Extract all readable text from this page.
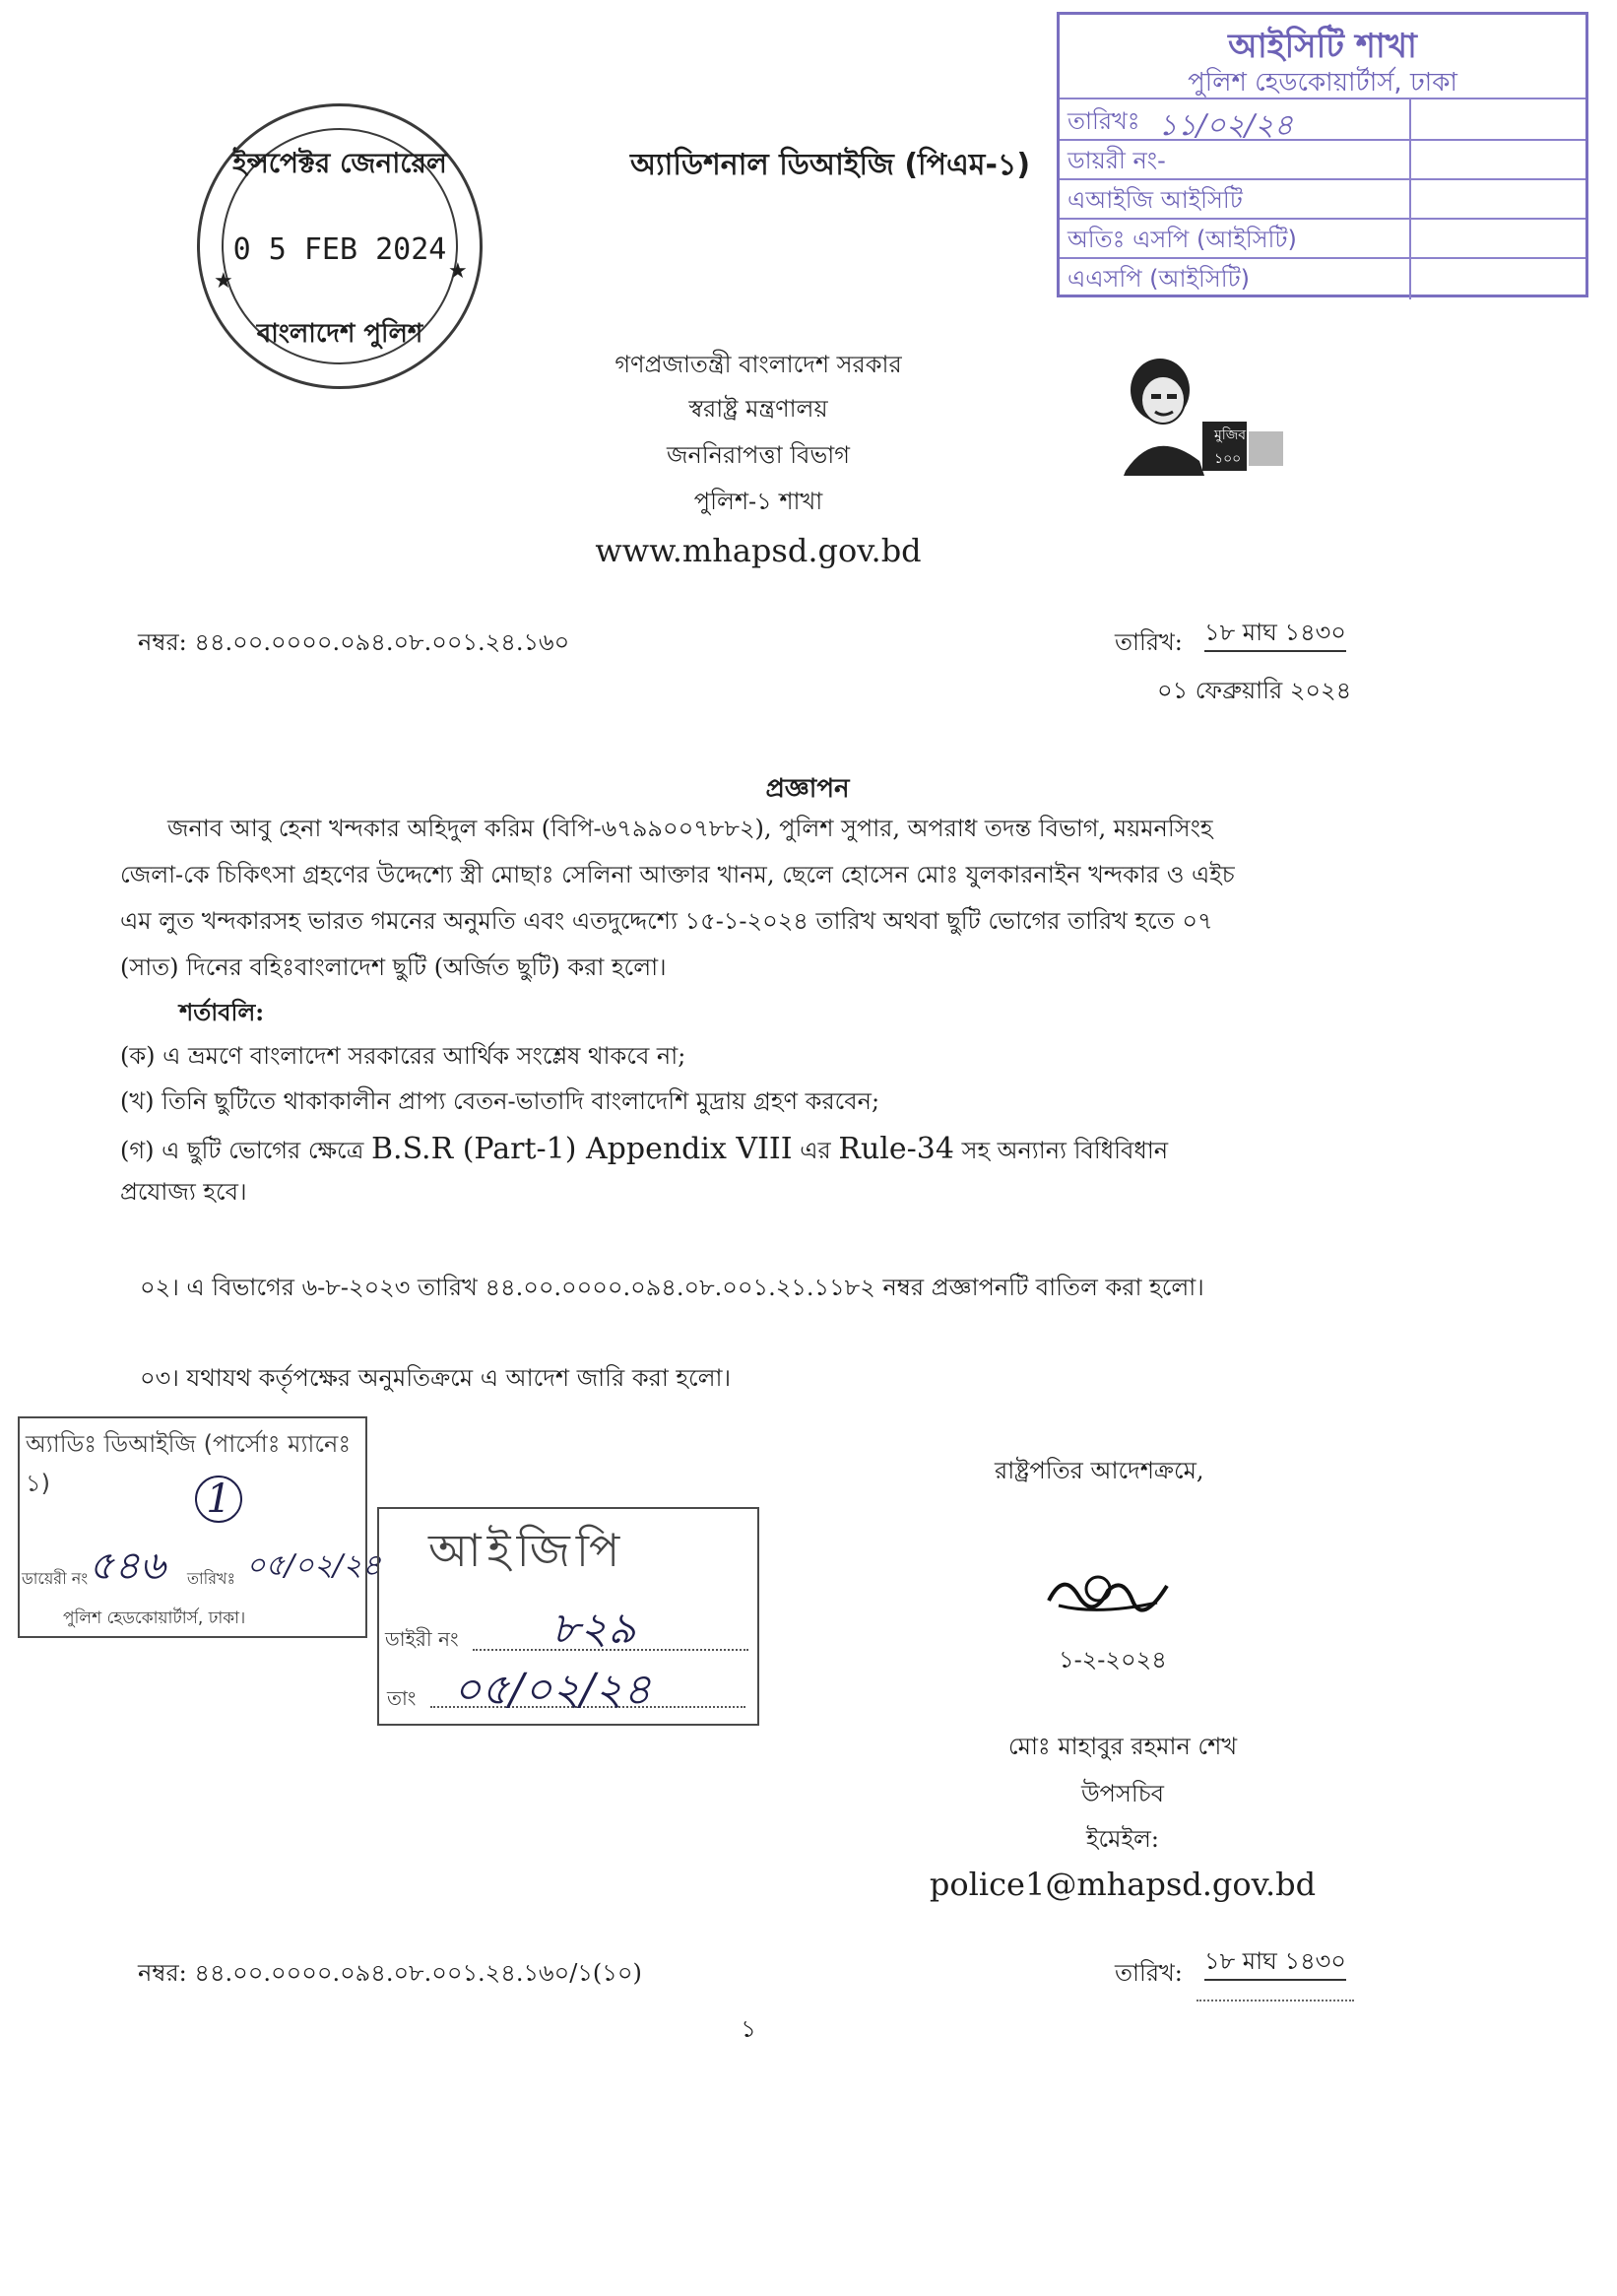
ইন্সপেক্টর জেনারেল
0 5 FEB 2024
বাংলাদেশ পুলিশ
★	★
অ্যাডিশনাল ডিআইজি (পিএম-১)
আইসিটি শাখা
পুলিশ হেডকোয়ার্টার্স, ঢাকা
তারিখঃ ১১/০২/২৪
ডায়রী নং-
এআইজি আইসিটি
অতিঃ এসপি (আইসিটি)
এএসপি (আইসিটি)
গণপ্রজাতন্ত্রী বাংলাদেশ সরকার
স্বরাষ্ট্র মন্ত্রণালয়
জননিরাপত্তা বিভাগ
পুলিশ-১ শাখা
www.mhapsd.gov.bd
মুজিব ১০০
নম্বর: ৪৪.০০.০০০০.০৯৪.০৮.০০১.২৪.১৬০	তারিখ: ১৮ মাঘ ১৪৩০
০১ ফেব্রুয়ারি ২০২৪
প্রজ্ঞাপন
জনাব আবু হেনা খন্দকার অহিদুল করিম (বিপি-৬৭৯৯০০৭৮৮২), পুলিশ সুপার, অপরাধ তদন্ত বিভাগ, ময়মনসিংহ
জেলা-কে চিকিৎসা গ্রহণের উদ্দেশ্যে স্ত্রী মোছাঃ সেলিনা আক্তার খানম, ছেলে হোসেন মোঃ যুলকারনাইন খন্দকার ও এইচ
এম লুত খন্দকারসহ ভারত গমনের অনুমতি এবং এতদুদ্দেশ্যে ১৫-১-২০২৪ তারিখ অথবা ছুটি ভোগের তারিখ হতে ০৭
(সাত) দিনের বহিঃবাংলাদেশ ছুটি (অর্জিত ছুটি) করা হলো।
শর্তাবলি:
(ক) এ ভ্রমণে বাংলাদেশ সরকারের আর্থিক সংশ্লেষ থাকবে না;
(খ) তিনি ছুটিতে থাকাকালীন প্রাপ্য বেতন-ভাতাদি বাংলাদেশি মুদ্রায় গ্রহণ করবেন;
(গ) এ ছুটি ভোগের ক্ষেত্রে B.S.R (Part-1) Appendix VIII এর Rule-34 সহ অন্যান্য বিধিবিধান
প্রযোজ্য হবে।
০২। এ বিভাগের ৬-৮-২০২৩ তারিখ ৪৪.০০.০০০০.০৯৪.০৮.০০১.২১.১১৮২ নম্বর প্রজ্ঞাপনটি বাতিল করা হলো।
০৩। যথাযথ কর্তৃপক্ষের অনুমতিক্রমে এ আদেশ জারি করা হলো।
রাষ্ট্রপতির আদেশক্রমে,
১-২-২০২৪
মোঃ মাহাবুর রহমান শেখ
উপসচিব
ইমেইল:
police1@mhapsd.gov.bd
অ্যাডিঃ ডিআইজি (পার্সোঃ ম্যানেঃ ১)	1
ডায়েরী নং ৫৪৬ তারিখঃ ০৫/০২/২৪
পুলিশ হেডকোয়ার্টার্স, ঢাকা।
আইজিপি
ডাইরী নং ৮২৯
তাং ০৫/০২/২৪
নম্বর: ৪৪.০০.০০০০.০৯৪.০৮.০০১.২৪.১৬০/১(১০)	তারিখ: ১৮ মাঘ ১৪৩০
১
